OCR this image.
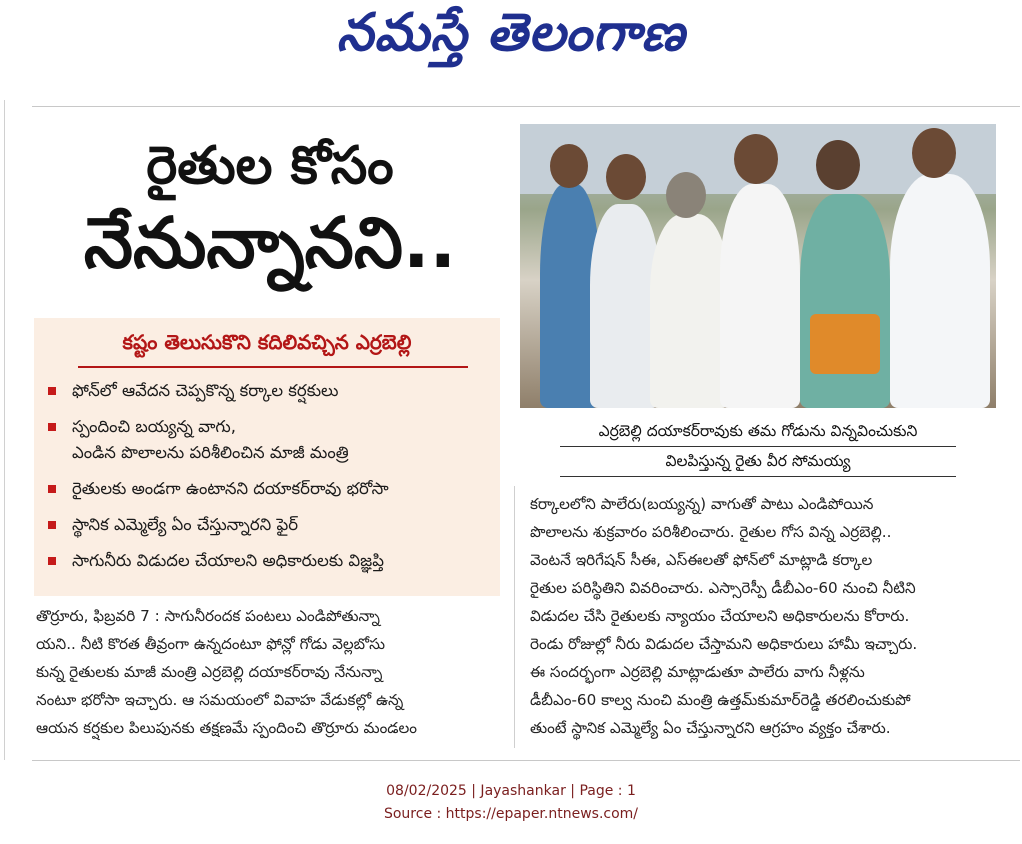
నమస్తే తెలంగాణ
రైతుల కోసం
నేనున్నానని..
కష్టం తెలుసుకొని కదిలివచ్చిన ఎర్రబెల్లి
ఫోన్‌లో ఆవేదన చెప్పకొన్న కర్కాల కర్షకులు
స్పందించి బయ్యన్న వాగు,
ఎండిన పొలాలను పరిశీలించిన మాజీ మంత్రి
రైతులకు అండగా ఉంటానని దయాకర్‌రావు భరోసా
స్థానిక ఎమ్మెల్యే ఏం చేస్తున్నారని ఫైర్
సాగునీరు విడుదల చేయాలని అధికారులకు విజ్ఞప్తి
ఎర్రబెల్లి దయాకర్‌రావుకు తమ గోడును విన్నవించుకుని
విలపిస్తున్న రైతు వీర సోమయ్య
తొర్రూరు, ఫిబ్రవరి 7 : సాగునీరందక పంటలు ఎండిపోతున్నా
యని.. నీటి కొరత తీవ్రంగా ఉన్నదంటూ ఫోన్లో గోడు వెల్లబోసు
కున్న రైతులకు మాజీ మంత్రి ఎర్రబెల్లి దయాకర్‌రావు నేనున్నా
నంటూ భరోసా ఇచ్చారు. ఆ సమయంలో వివాహ వేడుకల్లో ఉన్న
ఆయన కర్షకుల పిలుపునకు తక్షణమే స్పందించి తొర్రూరు మండలం
కర్కాలలోని పాలేరు(బయ్యన్న) వాగుతో పాటు ఎండిపోయిన
పొలాలను శుక్రవారం పరిశీలించారు. రైతుల గోస విన్న ఎర్రబెల్లి..
వెంటనే ఇరిగేషన్ సీఈ, ఎస్ఈలతో ఫోన్‌లో మాట్లాడి కర్కాల
రైతుల పరిస్థితిని వివరించారు. ఎస్సారెస్పీ డీబీఎం-60 నుంచి నీటిని
విడుదల చేసి రైతులకు న్యాయం చేయాలని అధికారులను కోరారు.
రెండు రోజుల్లో నీరు విడుదల చేస్తామని అధికారులు హామీ ఇచ్చారు.
ఈ సందర్భంగా ఎర్రబెల్లి మాట్లాడుతూ పాలేరు వాగు నీళ్లను
డీబీఎం-60 కాల్వ నుంచి మంత్రి ఉత్తమ్‌కుమార్‌రెడ్డి తరలించుకుపో
తుంటే స్థానిక ఎమ్మెల్యే ఏం చేస్తున్నారని ఆగ్రహం వ్యక్తం చేశారు.
08/02/2025 | Jayashankar | Page : 1
Source : https://epaper.ntnews.com/
